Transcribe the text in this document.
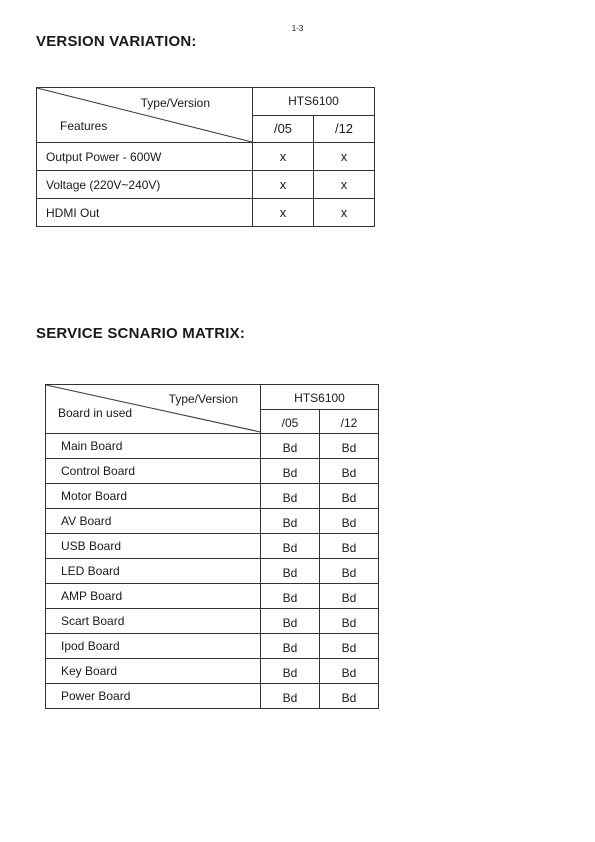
1-3
VERSION VARIATION:
Type/Version
Features	HTS6100	
	/05	/12
Output Power - 600W	x	x
Voltage (220V~240V)	x	x
HDMI Out	x	x
SERVICE SCNARIO MATRIX:
Type/Version
Board in used	HTS6100	
	/05	/12
Main Board	Bd	Bd
Control Board	Bd	Bd
Motor Board	Bd	Bd
AV Board	Bd	Bd
USB Board	Bd	Bd
LED Board	Bd	Bd
AMP Board	Bd	Bd
Scart Board	Bd	Bd
Ipod Board	Bd	Bd
Key Board	Bd	Bd
Power Board	Bd	Bd
